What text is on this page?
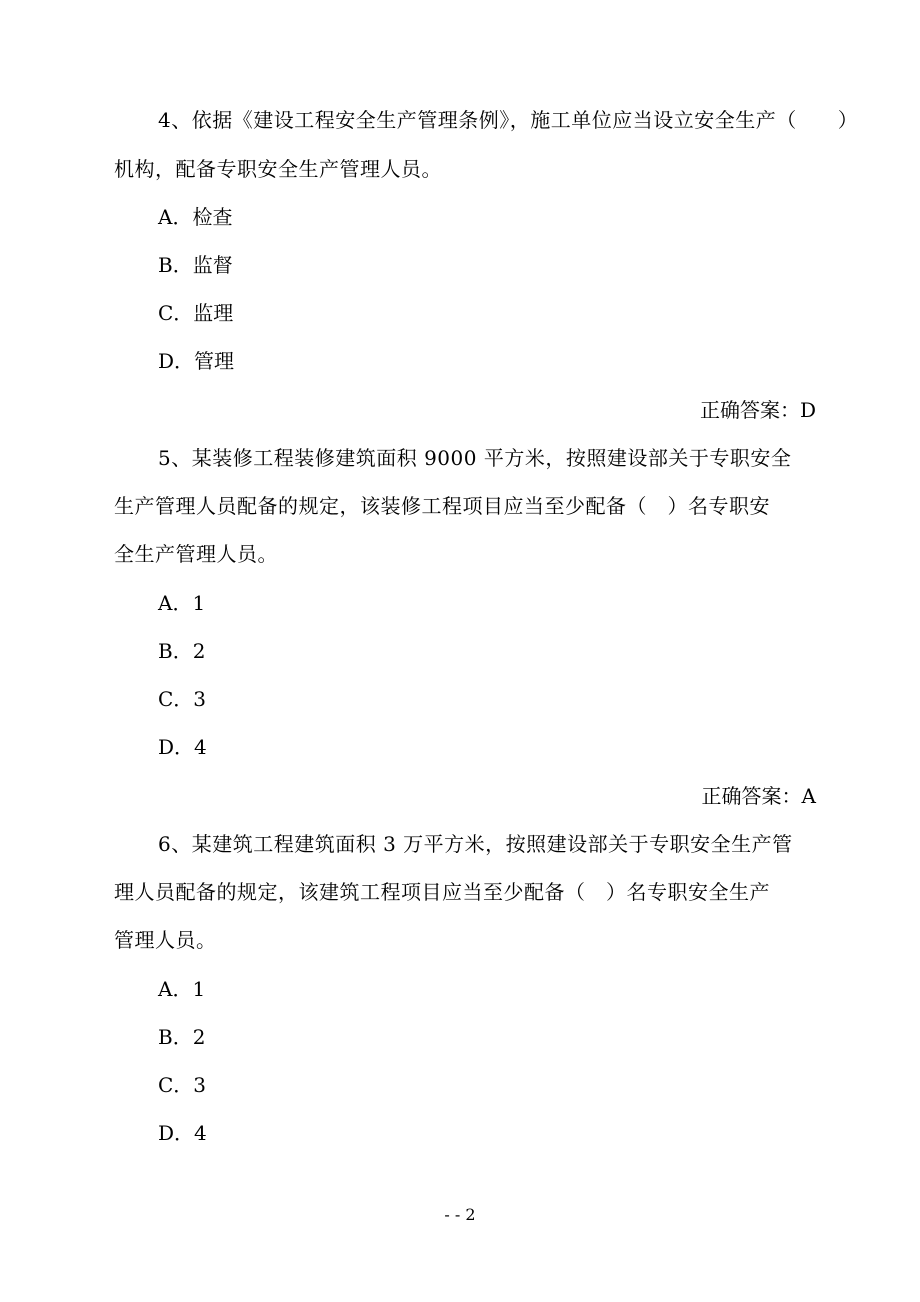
4、依据《建设工程安全生产管理条例》，施工单位应当设立安全生产（　　）
机构，配备专职安全生产管理人员。
A．检查
B．监督
C．监理
D．管理
正确答案：D
5、某装修工程装修建筑面积 9000 平方米，按照建设部关于专职安全
生产管理人员配备的规定，该装修工程项目应当至少配备（　）名专职安
全生产管理人员。
A．1
B．2
C．3
D．4
正确答案：A
6、某建筑工程建筑面积 3 万平方米，按照建设部关于专职安全生产管
理人员配备的规定，该建筑工程项目应当至少配备（　）名专职安全生产
管理人员。
A．1
B．2
C．3
D．4
- - 2
